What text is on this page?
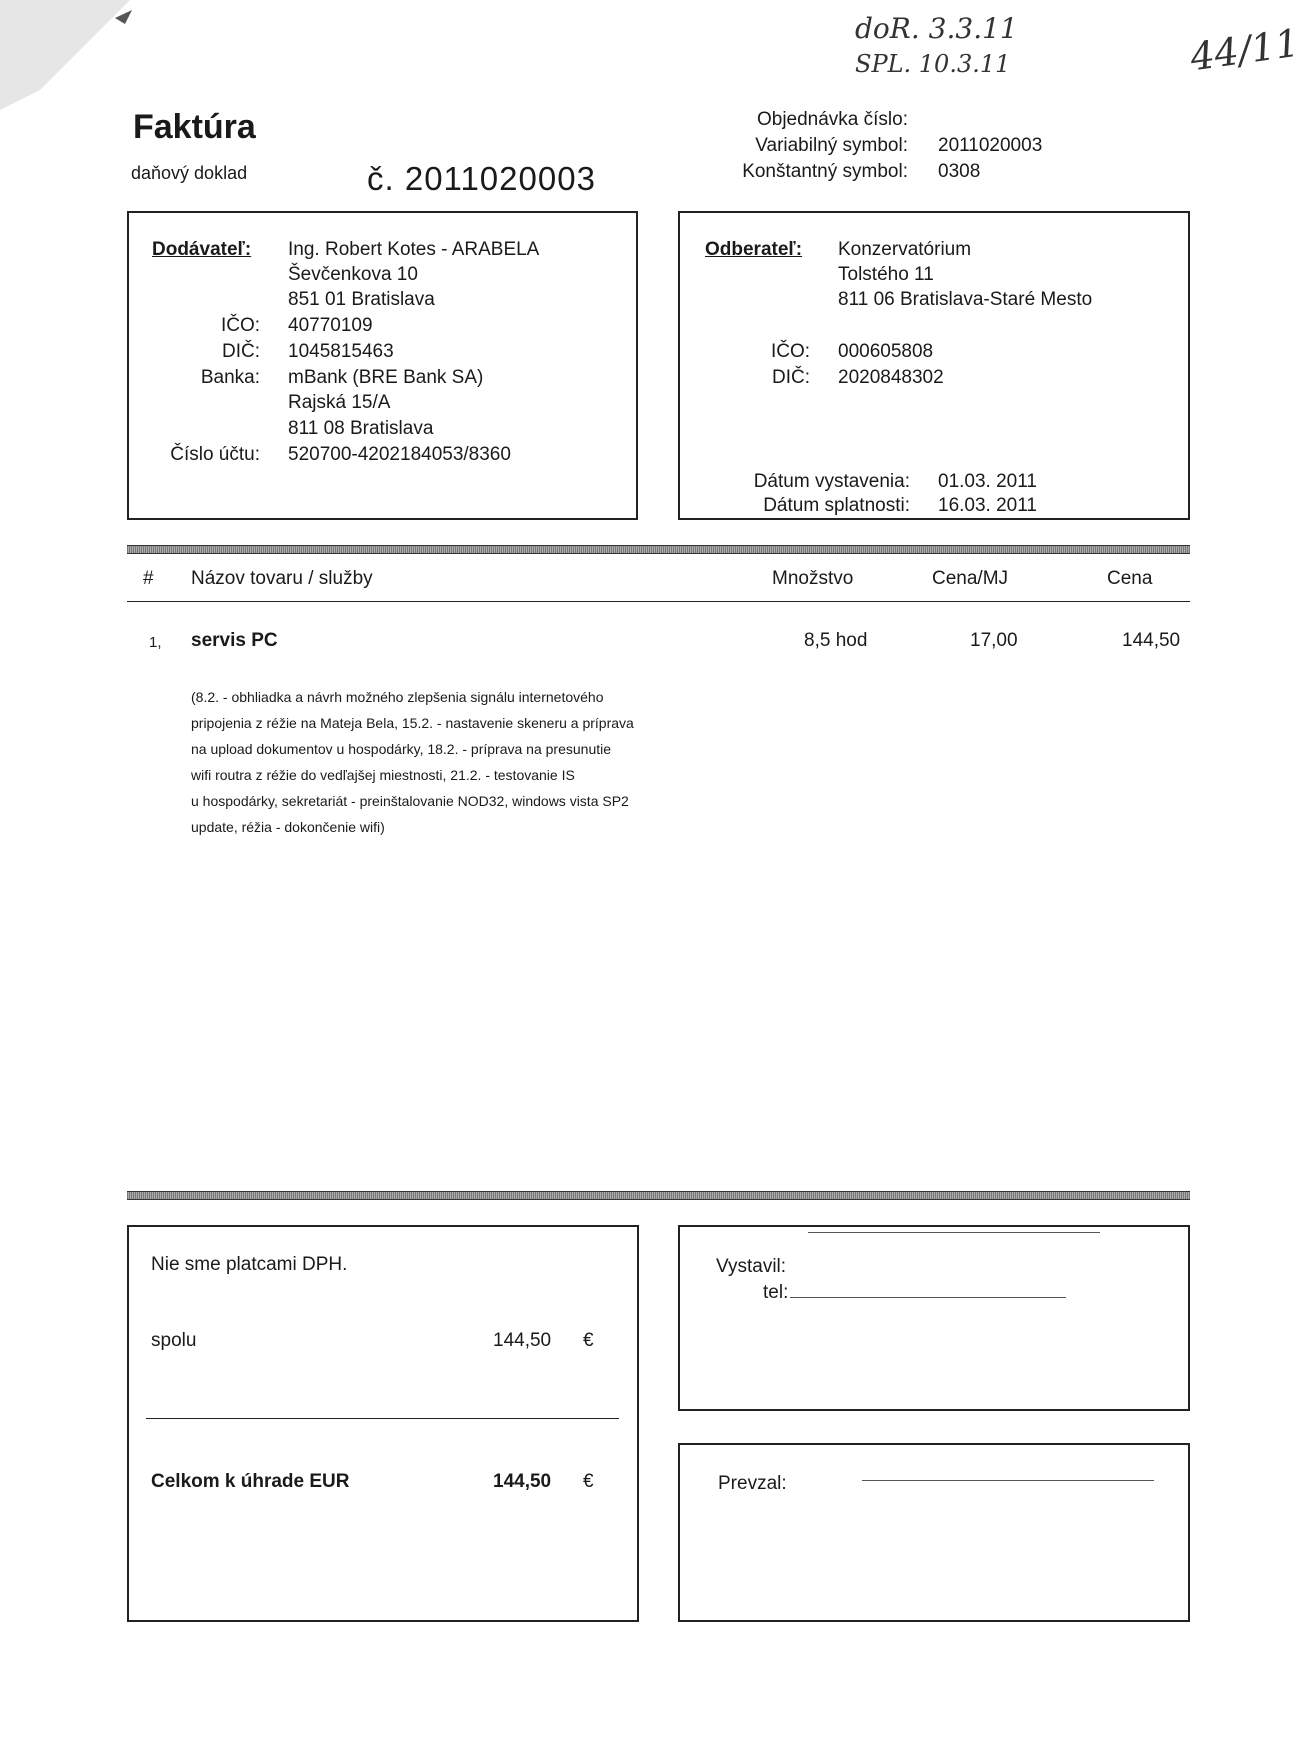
doR. 3.3.11
SPL. 10.3.11	44/11
Faktúra
daňový doklad	č. 2011020003
Objednávka číslo:
Variabilný symbol: 2011020003
Konštantný symbol: 0308
Dodávateľ: Ing. Robert Kotes - ARABELA
Ševčenkova 10
851 01 Bratislava
IČO: 40770109
DIČ: 1045815463
Banka: mBank (BRE Bank SA)
Rajská 15/A
811 08 Bratislava
Číslo účtu: 520700-4202184053/8360
Odberateľ: Konzervatórium
Tolstého 11
811 06 Bratislava-Staré Mesto
IČO: 000605808
DIČ: 2020848302
Dátum vystavenia: 01.03. 2011
Dátum splatnosti: 16.03. 2011
# Názov tovaru / služby	Množstvo	Cena/MJ	Cena
1, servis PC	8,5 hod	17,00	144,50
(8.2. - obhliadka a návrh možného zlepšenia signálu internetového
pripojenia z réžie na Mateja Bela, 15.2. - nastavenie skeneru a príprava
na upload dokumentov u hospodárky, 18.2. - príprava na presunutie
wifi routra z réžie do vedľajšej miestnosti, 21.2. - testovanie IS
u hospodárky, sekretariát - preinštalovanie NOD32, windows vista SP2
update, réžia - dokončenie wifi)
Nie sme platcami DPH.
spolu	144,50 €
Celkom k úhrade EUR	144,50 €
Vystavil:
tel:
Prevzal:
